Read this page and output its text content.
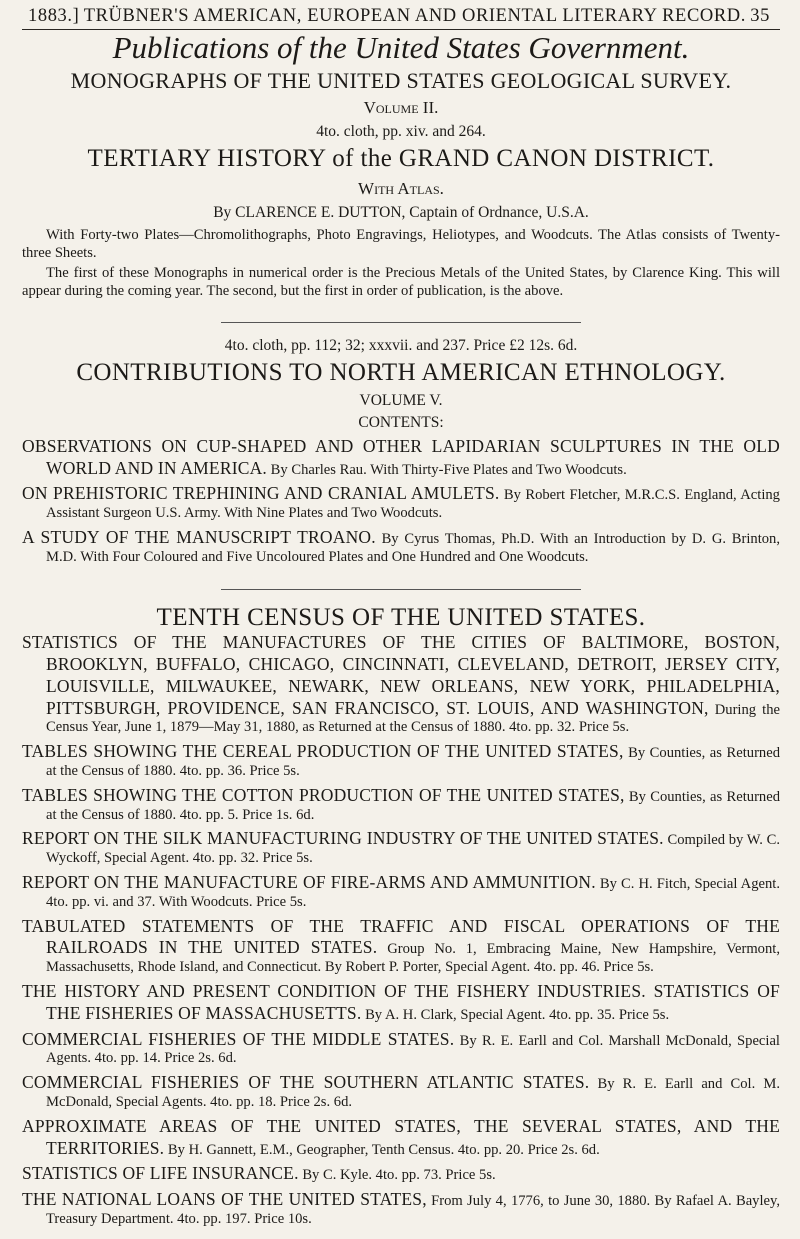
1883.] TRÜBNER'S AMERICAN, EUROPEAN AND ORIENTAL LITERARY RECORD. 35
Publications of the United States Government.
MONOGRAPHS OF THE UNITED STATES GEOLOGICAL SURVEY.
Volume II.
4to. cloth, pp. xiv. and 264.
TERTIARY HISTORY of the GRAND CANON DISTRICT.
With Atlas.
By CLARENCE E. DUTTON, Captain of Ordnance, U.S.A.

With Forty-two Plates—Chromolithographs, Photo Engravings, Heliotypes, and Woodcuts. The Atlas consists of Twenty-three Sheets.

The first of these Monographs in numerical order is the Precious Metals of the United States, by Clarence King. This will appear during the coming year. The second, but the first in order of publication, is the above.

4to. cloth, pp. 112; 32; xxxvii. and 237. Price £2 12s. 6d.
CONTRIBUTIONS TO NORTH AMERICAN ETHNOLOGY.
VOLUME V.
CONTENTS:

OBSERVATIONS ON CUP-SHAPED AND OTHER LAPIDARIAN SCULPTURES IN THE OLD WORLD AND IN AMERICA. By Charles Rau. With Thirty-Five Plates and Two Woodcuts.

ON PREHISTORIC TREPHINING AND CRANIAL AMULETS. By Robert Fletcher, M.R.C.S. England, Acting Assistant Surgeon U.S. Army. With Nine Plates and Two Woodcuts.

A STUDY OF THE MANUSCRIPT TROANO. By Cyrus Thomas, Ph.D. With an Introduction by D. G. Brinton, M.D. With Four Coloured and Five Uncoloured Plates and One Hundred and One Woodcuts.

TENTH CENSUS OF THE UNITED STATES.

STATISTICS OF THE MANUFACTURES OF THE CITIES OF BALTIMORE, BOSTON, BROOKLYN, BUFFALO, CHICAGO, CINCINNATI, CLEVELAND, DETROIT, JERSEY CITY, LOUISVILLE, MILWAUKEE, NEWARK, NEW ORLEANS, NEW YORK, PHILADELPHIA, PITTSBURGH, PROVIDENCE, SAN FRANCISCO, ST. LOUIS, AND WASHINGTON, During the Census Year, June 1, 1879—May 31, 1880, as Returned at the Census of 1880. 4to. pp. 32. Price 5s.

TABLES SHOWING THE CEREAL PRODUCTION OF THE UNITED STATES, By Counties, as Returned at the Census of 1880. 4to. pp. 36. Price 5s.

TABLES SHOWING THE COTTON PRODUCTION OF THE UNITED STATES, By Counties, as Returned at the Census of 1880. 4to. pp. 5. Price 1s. 6d.

REPORT ON THE SILK MANUFACTURING INDUSTRY OF THE UNITED STATES. Compiled by W. C. Wyckoff, Special Agent. 4to. pp. 32. Price 5s.

REPORT ON THE MANUFACTURE OF FIRE-ARMS AND AMMUNITION. By C. H. Fitch, Special Agent. 4to. pp. vi. and 37. With Woodcuts. Price 5s.

TABULATED STATEMENTS OF THE TRAFFIC AND FISCAL OPERATIONS OF THE RAILROADS IN THE UNITED STATES. Group No. 1, Embracing Maine, New Hampshire, Vermont, Massachusetts, Rhode Island, and Connecticut. By Robert P. Porter, Special Agent. 4to. pp. 46. Price 5s.

THE HISTORY AND PRESENT CONDITION OF THE FISHERY INDUSTRIES. STATISTICS OF THE FISHERIES OF MASSACHUSETTS. By A. H. Clark, Special Agent. 4to. pp. 35. Price 5s.

COMMERCIAL FISHERIES OF THE MIDDLE STATES. By R. E. Earll and Col. Marshall McDonald, Special Agents. 4to. pp. 14. Price 2s. 6d.

COMMERCIAL FISHERIES OF THE SOUTHERN ATLANTIC STATES. By R. E. Earll and Col. M. McDonald, Special Agents. 4to. pp. 18. Price 2s. 6d.

APPROXIMATE AREAS OF THE UNITED STATES, THE SEVERAL STATES, AND THE TERRITORIES. By H. Gannett, E.M., Geographer, Tenth Census. 4to. pp. 20. Price 2s. 6d.

STATISTICS OF LIFE INSURANCE. By C. Kyle. 4to. pp. 73. Price 5s.

THE NATIONAL LOANS OF THE UNITED STATES, From July 4, 1776, to June 30, 1880. By Rafael A. Bayley, Treasury Department. 4to. pp. 197. Price 10s.
